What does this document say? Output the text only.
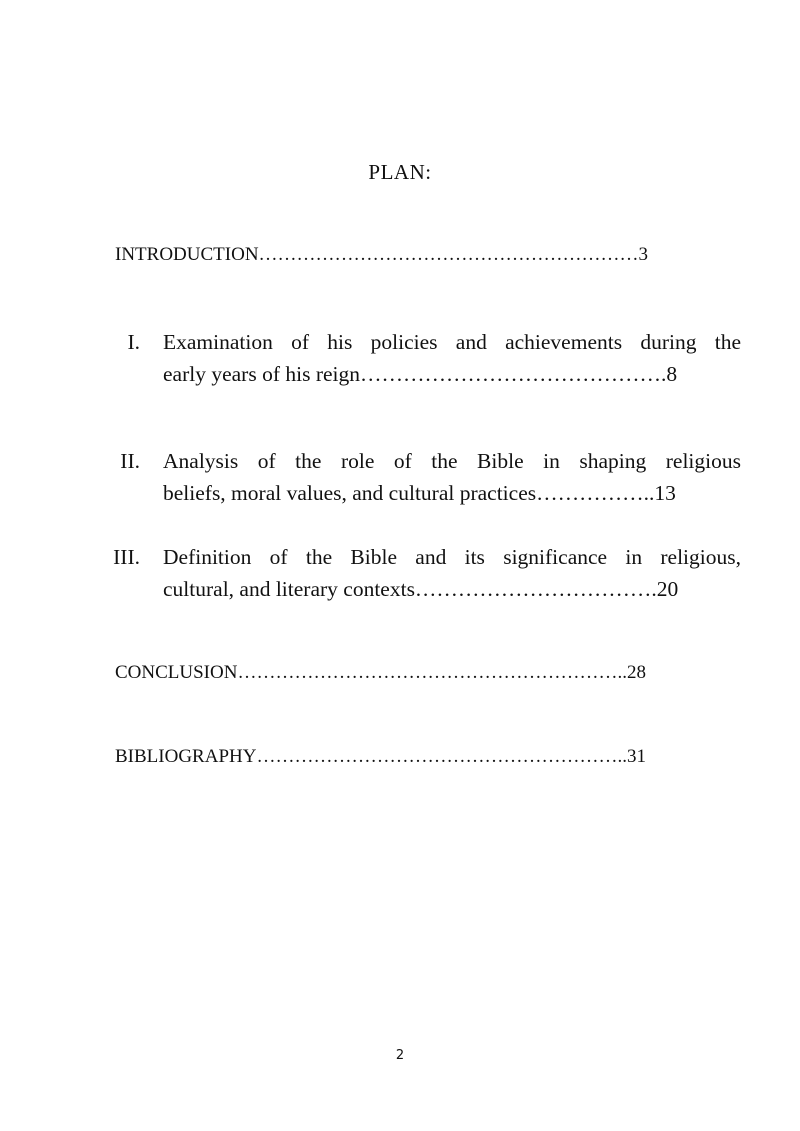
PLAN:
INTRODUCTION……………………………………………………3
I. Examination of his policies and achievements during the
early years of his reign…………………………………….8
II. Analysis of the role of the Bible in shaping religious
beliefs, moral values, and cultural practices……………..13
III. Definition of the Bible and its significance in religious,
cultural, and literary contexts…………………………….20
CONCLUSION……………………………………………………..28
BIBLIOGRAPHY…………………………………………………..31
2
